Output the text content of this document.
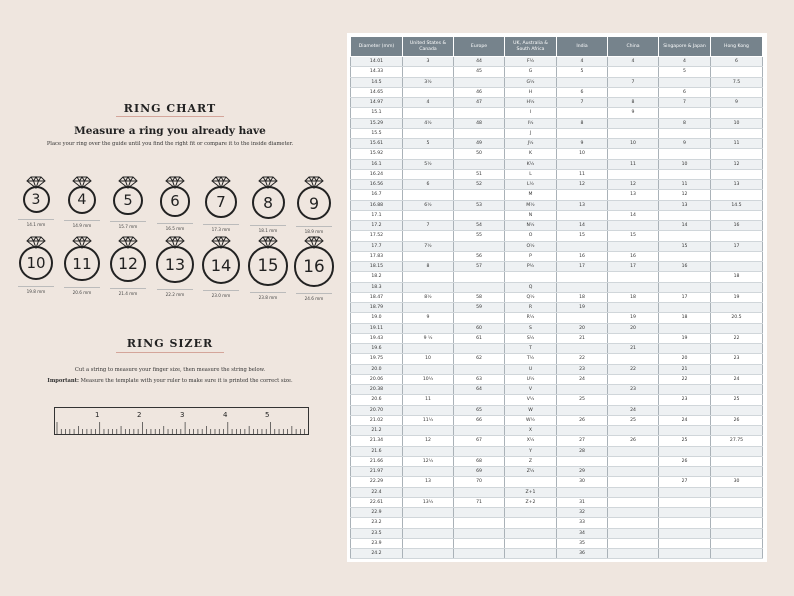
RING CHART
Measure a ring you already have
Place your ring over the guide until you find the right fit or compare it to the inside diameter.
3
14.1 mm
4
14.9 mm
5
15.7 mm
6
16.5 mm
7
17.3 mm
8
18.1 mm
9
18.9 mm
10
19.8 mm
11
20.6 mm
12
21.4 mm
13
22.2 mm
14
23.0 mm
15
23.8 mm
16
24.6 mm
RING SIZER
Cut a string to measure your finger size, then measure the string below.
Important: Measure the template with your ruler to make sure it is printed the correct size.
1	2	3	4	5
Diameter (mm)	United States & Canada	Europe	UK, Australia & South Africa	India	China	Singapore & Japan	Hong Kong
14.01	3	44	F½	4	4	4	6
14.33		45	G	5		5	
14.5	3½		G½		7		7.5
14.65		46	H	6		6	
14.97	4	47	H½	7	8	7	9
15.1			I		9		
15.29	4½	48	I½	8		8	10
15.5			J				
15.61	5	49	J½	9	10	9	11
15.92		50	K	10			
16.1	5½		K½		11	10	12
16.24		51	L	11			
16.56	6	52	L½	12	12	11	13
16.7			M		13	12	
16.88	6½	53	M½	13		13	14.5
17.1			N		14		
17.2	7	54	N½	14		14	16
17.52		55	O	15	15		
17.7	7½		O½			15	17
17.83		56	P	16	16		
18.15	8	57	P½	17	17	16	
18.2							18
18.3			Q				
18.47	8½	58	Q½	18	18	17	19
18.79		59	R	19			
19.0	9		R½		19	18	20.5
19.11		60	S	20	20		
19.43	9 ½	61	S½	21		19	22
19.6			T		21		
19.75	10	62	T½	22		20	23
20.0			U	23	22	21	
20.06	10½	63	U½	24		22	24
20.38		64	V		23		
20.6	11		V½	25		23	25
20.70		65	W		24		
21.02	11½	66	W½	26	25	24	26
21.2			X				
21.34	12	67	X½	27	26	25	27.75
21.6			Y	28			
21.66	12½	68	Z			26	
21.97		69	Z½	29			
22.29	13	70		30		27	30
22.4			Z+1				
22.61	13½	71	Z+2	31			
22.9				32			
23.2				33			
23.5				34			
23.9				35			
24.2				36			
